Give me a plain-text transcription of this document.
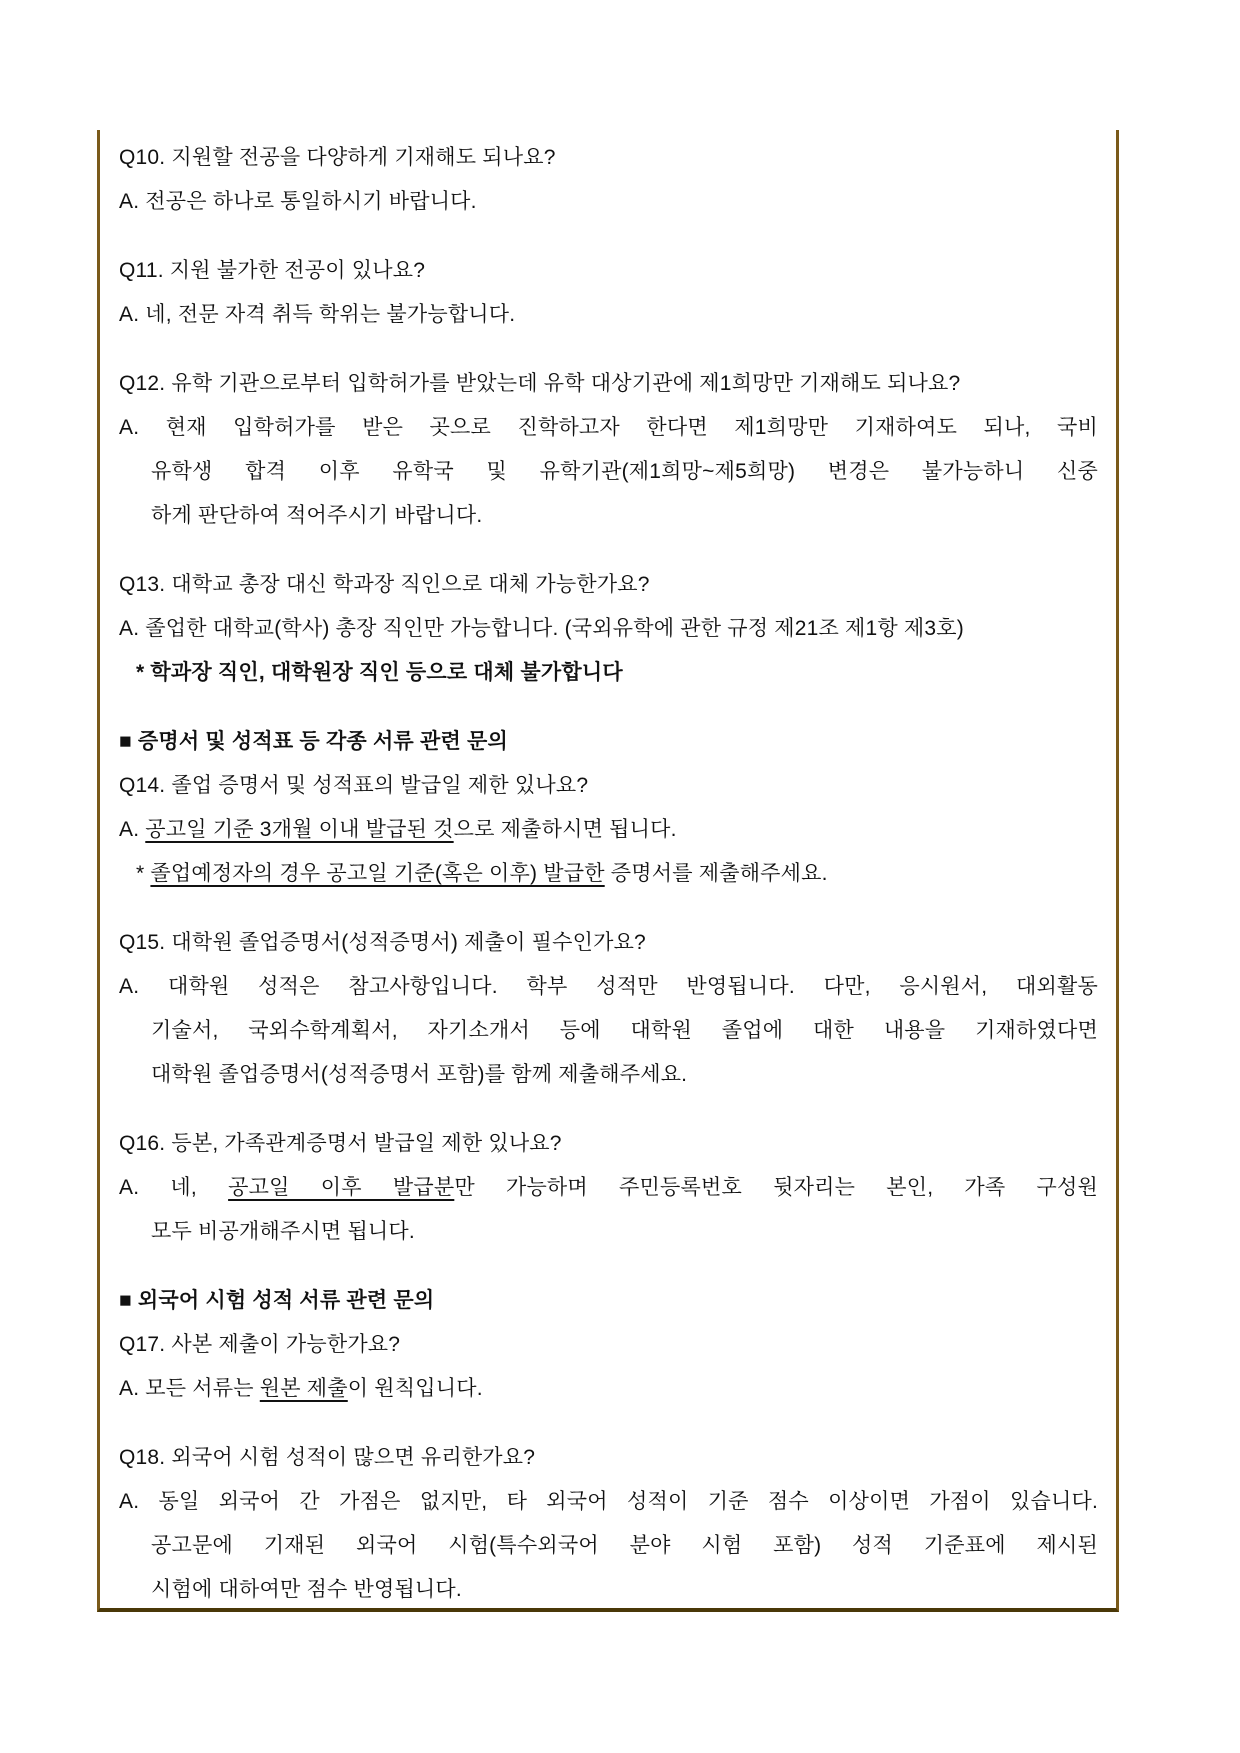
Q10. 지원할 전공을 다양하게 기재해도 되나요?
A. 전공은 하나로 통일하시기 바랍니다.
Q11. 지원 불가한 전공이 있나요?
A. 네, 전문 자격 취득 학위는 불가능합니다.
Q12. 유학 기관으로부터 입학허가를 받았는데 유학 대상기관에 제1희망만 기재해도 되나요?
A. 현재 입학허가를 받은 곳으로 진학하고자 한다면 제1희망만 기재하여도 되나, 국비
유학생 합격 이후 유학국 및 유학기관(제1희망~제5희망) 변경은 불가능하니 신중
하게 판단하여 적어주시기 바랍니다.
Q13. 대학교 총장 대신 학과장 직인으로 대체 가능한가요?
A. 졸업한 대학교(학사) 총장 직인만 가능합니다. (국외유학에 관한 규정 제21조 제1항 제3호)
* 학과장 직인, 대학원장 직인 등으로 대체 불가합니다
■ 증명서 및 성적표 등 각종 서류 관련 문의
Q14. 졸업 증명서 및 성적표의 발급일 제한 있나요?
A. 공고일 기준 3개월 이내 발급된 것으로 제출하시면 됩니다.
* 졸업예정자의 경우 공고일 기준(혹은 이후) 발급한 증명서를 제출해주세요.
Q15. 대학원 졸업증명서(성적증명서) 제출이 필수인가요?
A. 대학원 성적은 참고사항입니다. 학부 성적만 반영됩니다. 다만, 응시원서, 대외활동
기술서, 국외수학계획서, 자기소개서 등에 대학원 졸업에 대한 내용을 기재하였다면
대학원 졸업증명서(성적증명서 포함)를 함께 제출해주세요.
Q16. 등본, 가족관계증명서 발급일 제한 있나요?
A. 네, 공고일 이후 발급분만 가능하며 주민등록번호 뒷자리는 본인, 가족 구성원
모두 비공개해주시면 됩니다.
■ 외국어 시험 성적 서류 관련 문의
Q17. 사본 제출이 가능한가요?
A. 모든 서류는 원본 제출이 원칙입니다.
Q18. 외국어 시험 성적이 많으면 유리한가요?
A. 동일 외국어 간 가점은 없지만, 타 외국어 성적이 기준 점수 이상이면 가점이 있습니다.
공고문에 기재된 외국어 시험(특수외국어 분야 시험 포함) 성적 기준표에 제시된
시험에 대하여만 점수 반영됩니다.
